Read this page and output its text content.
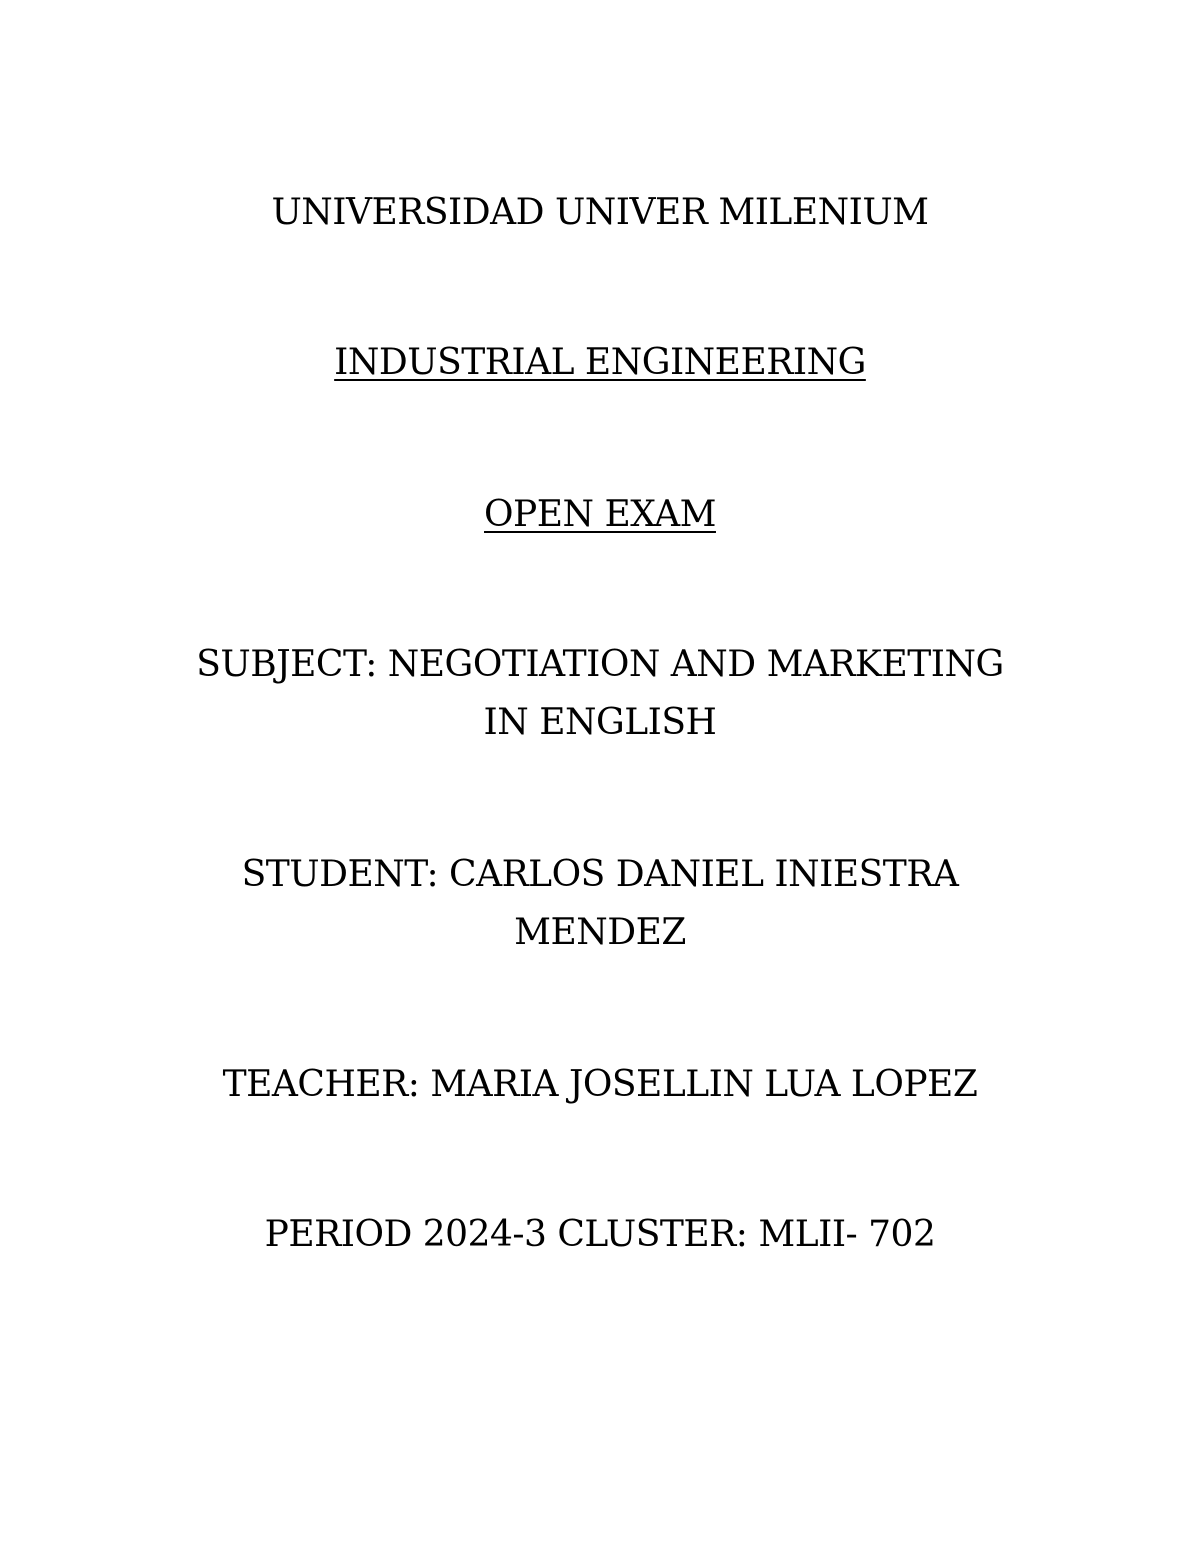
UNIVERSIDAD UNIVER MILENIUM
INDUSTRIAL ENGINEERING
OPEN EXAM
SUBJECT: NEGOTIATION AND MARKETING
IN ENGLISH
STUDENT: CARLOS DANIEL INIESTRA
MENDEZ
TEACHER: MARIA JOSELLIN LUA LOPEZ
PERIOD 2024-3 CLUSTER: MLII- 702
